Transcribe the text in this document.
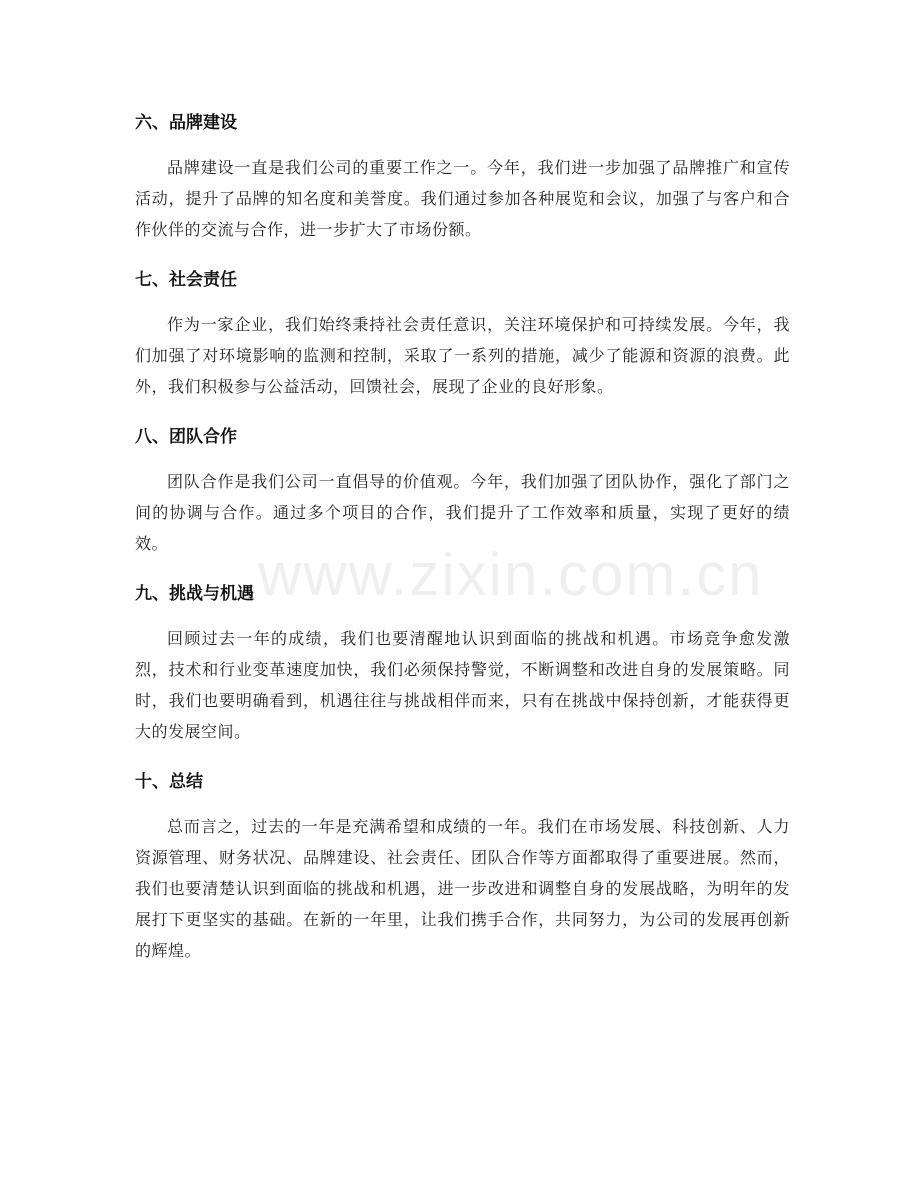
六、品牌建设

品牌建设一直是我们公司的重要工作之一。今年，我们进一步加强了品牌推广和宣传活动，提升了品牌的知名度和美誉度。我们通过参加各种展览和会议，加强了与客户和合作伙伴的交流与合作，进一步扩大了市场份额。

七、社会责任

作为一家企业，我们始终秉持社会责任意识，关注环境保护和可持续发展。今年，我们加强了对环境影响的监测和控制，采取了一系列的措施，减少了能源和资源的浪费。此外，我们积极参与公益活动，回馈社会，展现了企业的良好形象。

八、团队合作

团队合作是我们公司一直倡导的价值观。今年，我们加强了团队协作，强化了部门之间的协调与合作。通过多个项目的合作，我们提升了工作效率和质量，实现了更好的绩效。

九、挑战与机遇

回顾过去一年的成绩，我们也要清醒地认识到面临的挑战和机遇。市场竞争愈发激烈，技术和行业变革速度加快，我们必须保持警觉，不断调整和改进自身的发展策略。同时，我们也要明确看到，机遇往往与挑战相伴而来，只有在挑战中保持创新，才能获得更大的发展空间。

十、总结

总而言之，过去的一年是充满希望和成绩的一年。我们在市场发展、科技创新、人力资源管理、财务状况、品牌建设、社会责任、团队合作等方面都取得了重要进展。然而，我们也要清楚认识到面临的挑战和机遇，进一步改进和调整自身的发展战略，为明年的发展打下更坚实的基础。在新的一年里，让我们携手合作，共同努力，为公司的发展再创新的辉煌。

www.zixin.com.cn
